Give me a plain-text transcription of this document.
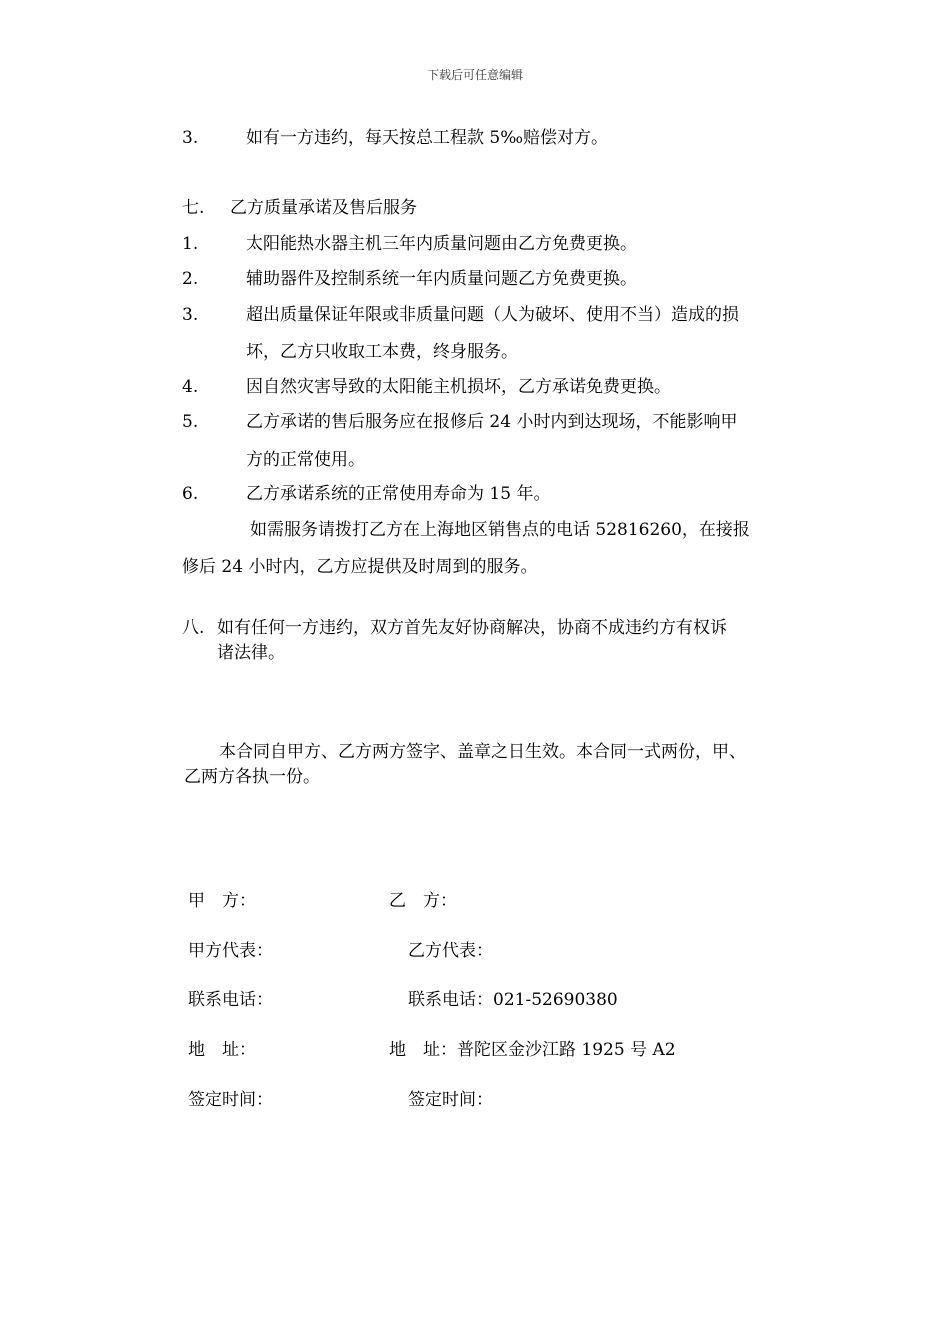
下载后可任意编辑
3.	如有一方违约，每天按总工程款 5‰赔偿对方。
七. 乙方质量承诺及售后服务
1.	太阳能热水器主机三年内质量问题由乙方免费更换。
2.	辅助器件及控制系统一年内质量问题乙方免费更换。
3.	超出质量保证年限或非质量问题（人为破坏、使用不当）造成的损
坏，乙方只收取工本费，终身服务。
4.	因自然灾害导致的太阳能主机损坏，乙方承诺免费更换。
5.	乙方承诺的售后服务应在报修后 24 小时内到达现场，不能影响甲
方的正常使用。
6.	乙方承诺系统的正常使用寿命为 15 年。
如需服务请拨打乙方在上海地区销售点的电话 52816260，在接报
修后 24 小时内，乙方应提供及时周到的服务。
八. 如有任何一方违约，双方首先友好协商解决，协商不成违约方有权诉
诸法律。
本合同自甲方、乙方两方签字、盖章之日生效。本合同一式两份，甲、
乙两方各执一份。
甲　方：	乙　方：
甲方代表：	乙方代表：
联系电话：	联系电话：021-52690380
地　址：	地　址：普陀区金沙江路 1925 号 A2
签定时间：	签定时间：
